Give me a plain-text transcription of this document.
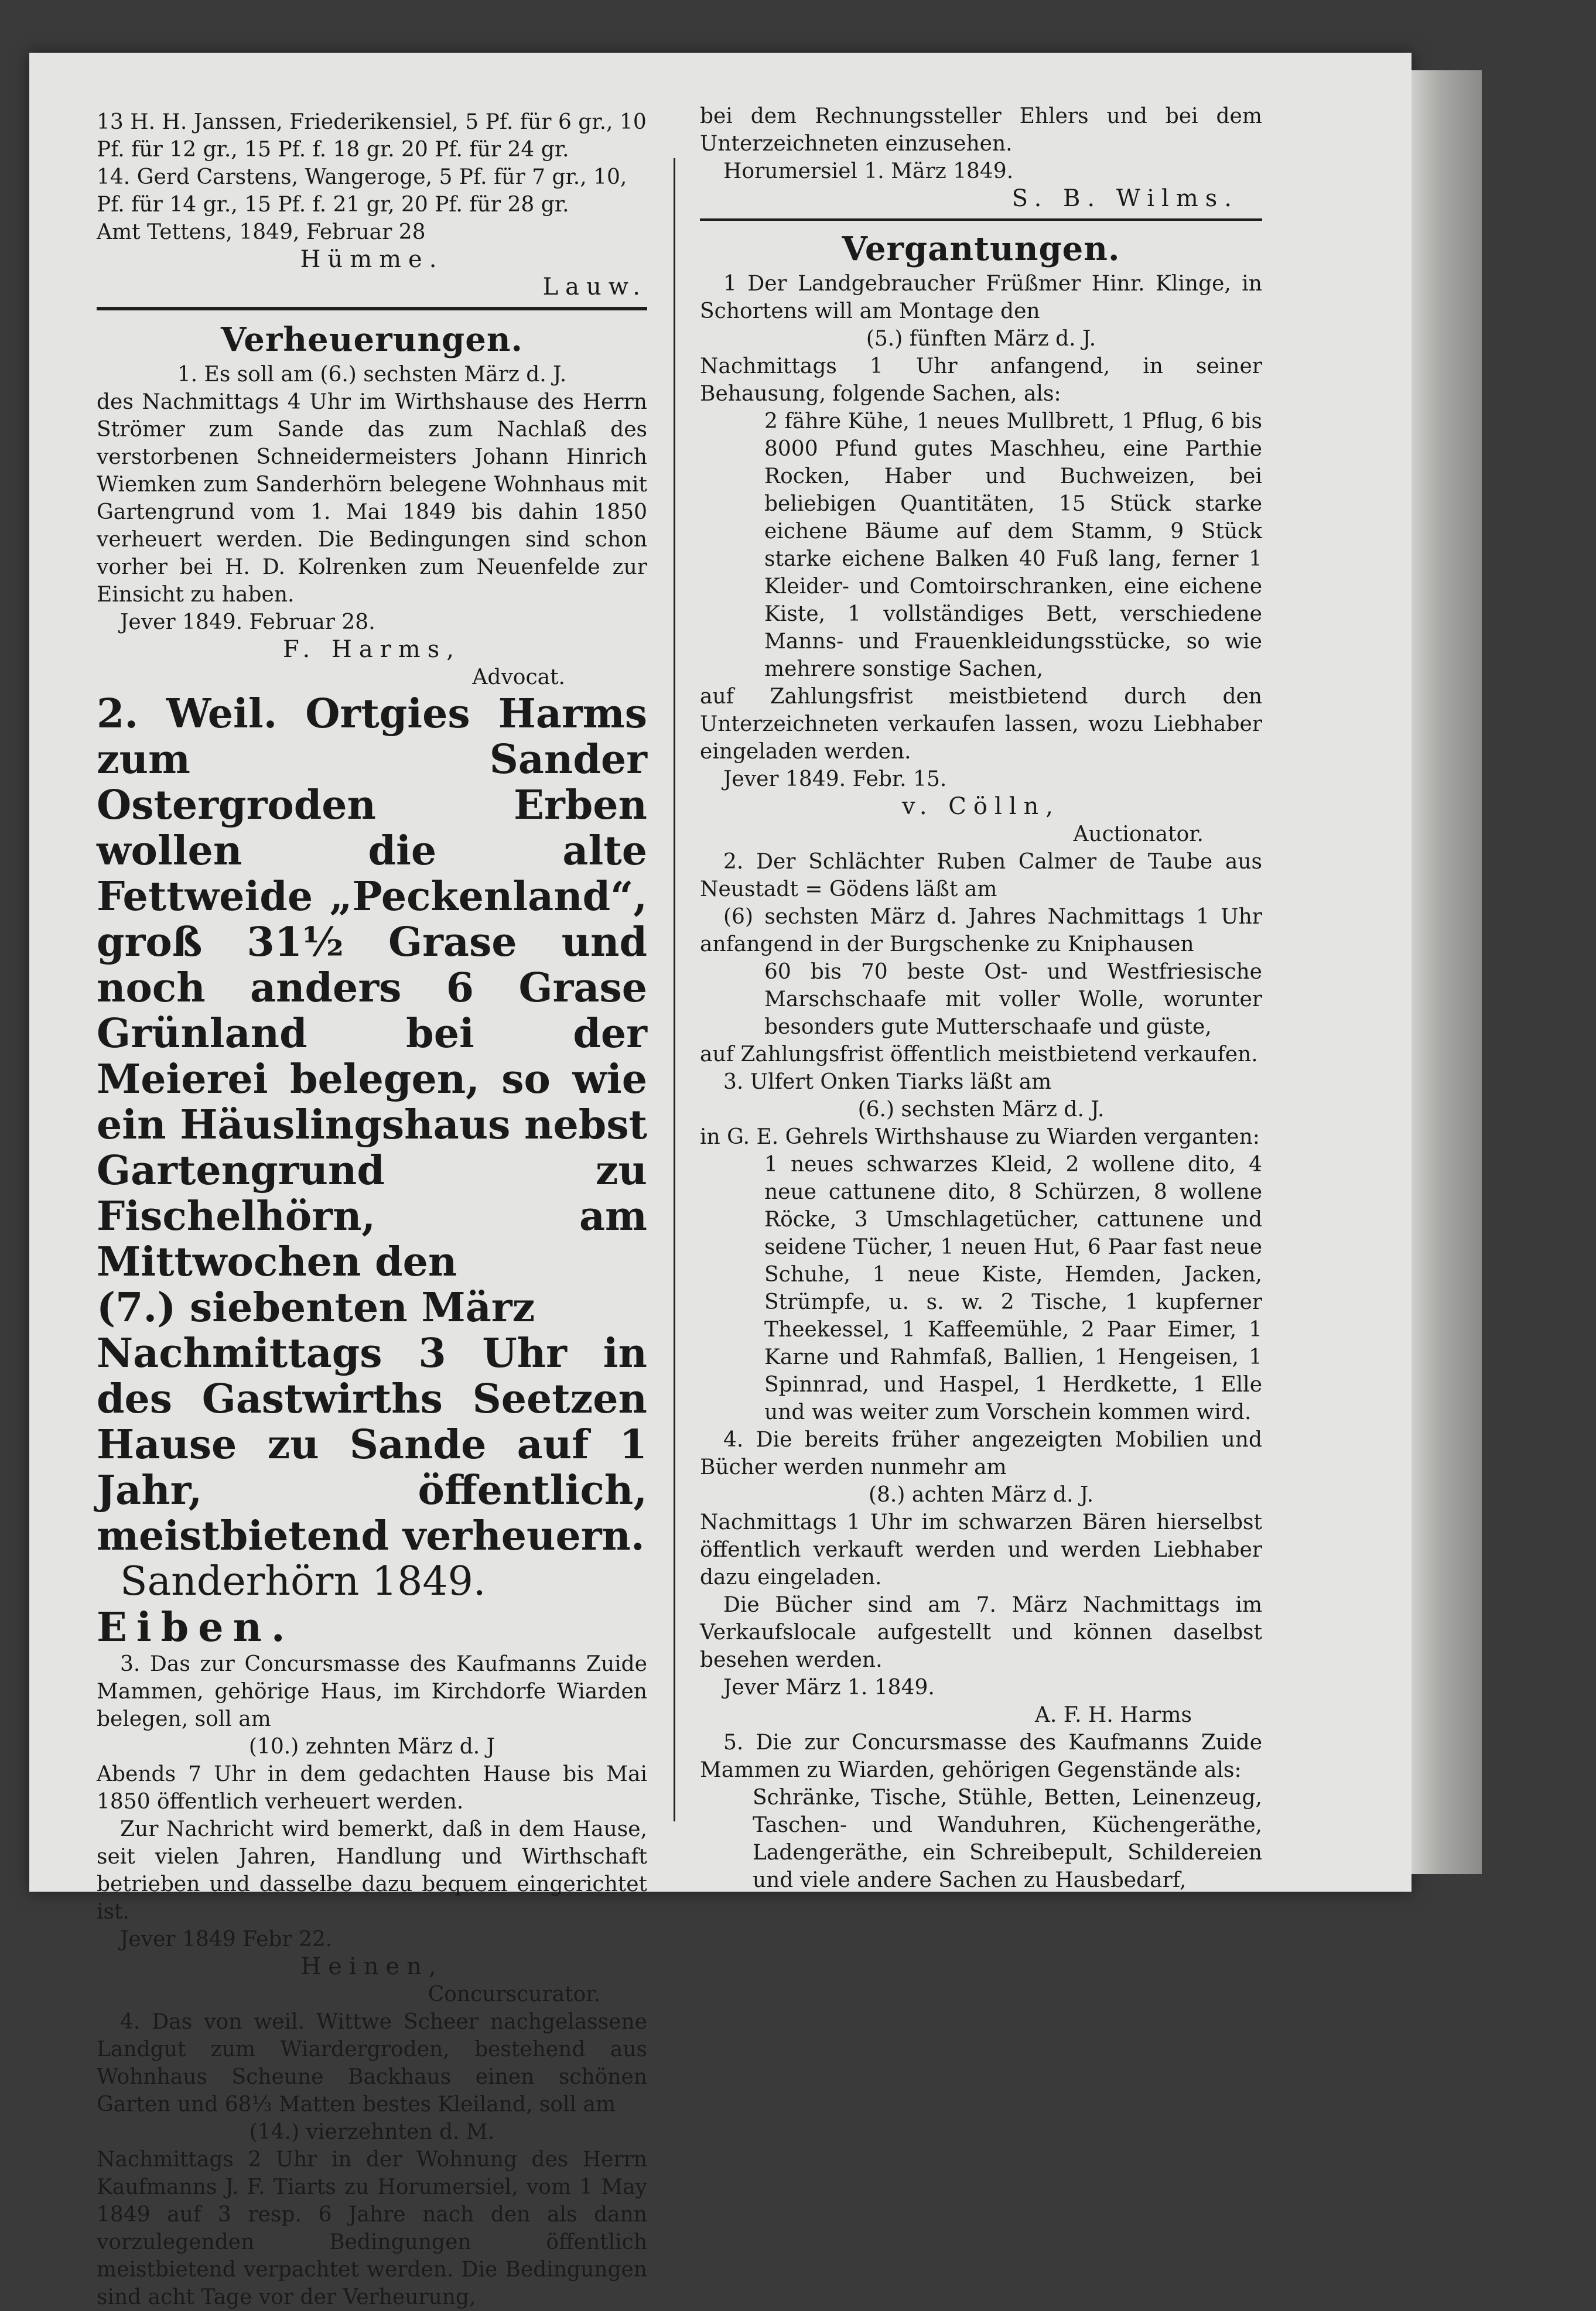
13 H. H. Janssen, Friederikensiel, 5 Pf. für 6 gr., 10
Pf. für 12 gr., 15 Pf. f. 18 gr. 20 Pf. für 24 gr.
14. Gerd Carstens, Wangeroge, 5 Pf. für 7 gr., 10,
Pf. für 14 gr., 15 Pf. f. 21 gr, 20 Pf. für 28 gr.
Amt Tettens, 1849, Februar 28
Hümme.
Lauw.
Verheuerungen.
1. Es soll am (6.) sechsten März d. J.
des Nachmittags 4 Uhr im Wirthshause des Herrn Strömer zum Sande das zum Nachlaß des verstorbenen Schneidermeisters Johann Hinrich Wiemken zum Sanderhörn belegene Wohnhaus mit Gartengrund vom 1. Mai 1849 bis dahin 1850 verheuert werden. Die Bedingungen sind schon vorher bei H. D. Kolrenken zum Neuenfelde zur Einsicht zu haben.
Jever 1849. Februar 28.
F. Harms,
Advocat.
2. Weil. Ortgies Harms zum Sander Ostergroden Erben wollen die alte Fettweide „Peckenland“, groß 31½ Grase und noch anders 6 Grase Grünland bei der Meierei belegen, so wie ein Häuslingshaus nebst Gartengrund zu Fischelhörn, am Mittwochen den
(7.) siebenten März
Nachmittags 3 Uhr in des Gastwirths Seetzen Hause zu Sande auf 1 Jahr, öffentlich, meistbietend verheuern.
Sanderhörn 1849.
Eiben.
3. Das zur Concursmasse des Kaufmanns Zuide Mammen, gehörige Haus, im Kirchdorfe Wiarden belegen, soll am
(10.) zehnten März d. J
Abends 7 Uhr in dem gedachten Hause bis Mai 1850 öffentlich verheuert werden.
Zur Nachricht wird bemerkt, daß in dem Hause, seit vielen Jahren, Handlung und Wirthschaft betrieben und dasselbe dazu bequem eingerichtet ist.
Jever 1849 Febr 22.
Heinen,
Concurscurator.
4. Das von weil. Wittwe Scheer nachgelassene Landgut zum Wiardergroden, bestehend aus Wohnhaus Scheune Backhaus einen schönen Garten und 68⅓ Matten bestes Kleiland, soll am
(14.) vierzehnten d. M.
Nachmittags 2 Uhr in der Wohnung des Herrn Kaufmanns J. F. Tiarts zu Horumersiel, vom 1 May 1849 auf 3 resp. 6 Jahre nach den als dann vorzulegenden Bedingungen öffentlich meistbietend verpachtet werden. Die Bedingungen sind acht Tage vor der Verheurung,
bei dem Rechnungssteller Ehlers und bei dem Unterzeichneten einzusehen.
Horumersiel 1. März 1849.
S. B. Wilms.
Vergantungen.
1 Der Landgebraucher Früßmer Hinr. Klinge, in Schortens will am Montage den
(5.) fünften März d. J.
Nachmittags 1 Uhr anfangend, in seiner Behausung, folgende Sachen, als:
2 fähre Kühe, 1 neues Mullbrett, 1 Pflug, 6 bis 8000 Pfund gutes Maschheu, eine Parthie Rocken, Haber und Buchweizen, bei beliebigen Quantitäten, 15 Stück starke eichene Bäume auf dem Stamm, 9 Stück starke eichene Balken 40 Fuß lang, ferner 1 Kleider- und Comtoirschranken, eine eichene Kiste, 1 vollständiges Bett, verschiedene Manns- und Frauenkleidungsstücke, so wie mehrere sonstige Sachen,
auf Zahlungsfrist meistbietend durch den Unterzeichneten verkaufen lassen, wozu Liebhaber eingeladen werden.
Jever 1849. Febr. 15.
v. Cölln,
Auctionator.
2. Der Schlächter Ruben Calmer de Taube aus Neustadt = Gödens läßt am
(6) sechsten März d. Jahres Nachmittags 1 Uhr anfangend in der Burgschenke zu Kniphausen
60 bis 70 beste Ost- und Westfriesische Marschschaafe mit voller Wolle, worunter besonders gute Mutterschaafe und güste,
auf Zahlungsfrist öffentlich meistbietend verkaufen.
3. Ulfert Onken Tiarks läßt am
(6.) sechsten März d. J.
in G. E. Gehrels Wirthshause zu Wiarden verganten:
1 neues schwarzes Kleid, 2 wollene dito, 4 neue cattunene dito, 8 Schürzen, 8 wollene Röcke, 3 Umschlagetücher, cattunene und seidene Tücher, 1 neuen Hut, 6 Paar fast neue Schuhe, 1 neue Kiste, Hemden, Jacken, Strümpfe, u. s. w. 2 Tische, 1 kupferner Theekessel, 1 Kaffeemühle, 2 Paar Eimer, 1 Karne und Rahmfaß, Ballien, 1 Hengeisen, 1 Spinnrad, und Haspel, 1 Herdkette, 1 Elle und was weiter zum Vorschein kommen wird.
4. Die bereits früher angezeigten Mobilien und Bücher werden nunmehr am
(8.) achten März d. J.
Nachmittags 1 Uhr im schwarzen Bären hierselbst öffentlich verkauft werden und werden Liebhaber dazu eingeladen.
Die Bücher sind am 7. März Nachmittags im Verkaufslocale aufgestellt und können daselbst besehen werden.
Jever März 1. 1849.
A. F. H. Harms
5. Die zur Concursmasse des Kaufmanns Zuide Mammen zu Wiarden, gehörigen Gegenstände als:
Schränke, Tische, Stühle, Betten, Leinenzeug, Taschen- und Wanduhren, Küchengeräthe, Ladengeräthe, ein Schreibepult, Schildereien und viele andere Sachen zu Hausbedarf,
